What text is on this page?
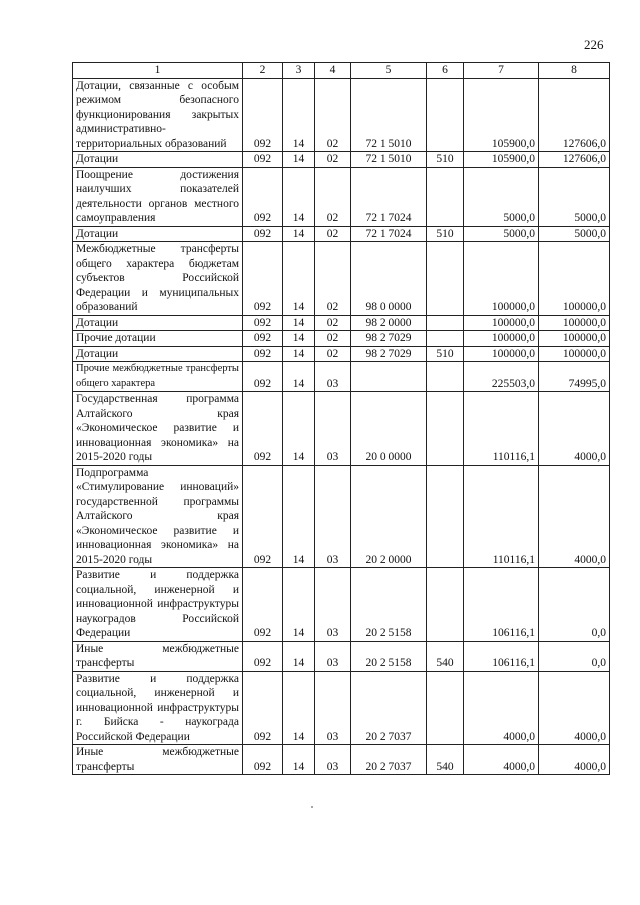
226
1	2	3	4	5	6	7	8
Дотации, связанные с особым режимом безопасного функционирования закрытых административно-территориальных образований	092	14	02	72 1 5010		105900,0	127606,0
Дотации	092	14	02	72 1 5010	510	105900,0	127606,0
Поощрение достижения наилучших показателей деятельности органов местного самоуправления	092	14	02	72 1 7024		5000,0	5000,0
Дотации	092	14	02	72 1 7024	510	5000,0	5000,0
Межбюджетные трансферты общего характера бюджетам субъектов Российской Федерации и муниципальных образований	092	14	02	98 0 0000		100000,0	100000,0
Дотации	092	14	02	98 2 0000		100000,0	100000,0
Прочие дотации	092	14	02	98 2 7029		100000,0	100000,0
Дотации	092	14	02	98 2 7029	510	100000,0	100000,0
Прочие межбюджетные трансферты общего характера	092	14	03			225503,0	74995,0
Государственная программа Алтайского края «Экономическое развитие и инновационная экономика» на 2015-2020 годы	092	14	03	20 0 0000		110116,1	4000,0
Подпрограмма «Стимулирование инноваций» государственной программы Алтайского края «Экономическое развитие и инновационная экономика» на 2015-2020 годы	092	14	03	20 2 0000		110116,1	4000,0
Развитие и поддержка социальной, инженерной и инновационной инфраструктуры наукоградов Российской Федерации	092	14	03	20 2 5158		106116,1	0,0
Иные межбюджетные трансферты	092	14	03	20 2 5158	540	106116,1	0,0
Развитие и поддержка социальной, инженерной и инновационной инфраструктуры г. Бийска - наукограда Российской Федерации	092	14	03	20 2 7037		4000,0	4000,0
Иные межбюджетные трансферты	092	14	03	20 2 7037	540	4000,0	4000,0
